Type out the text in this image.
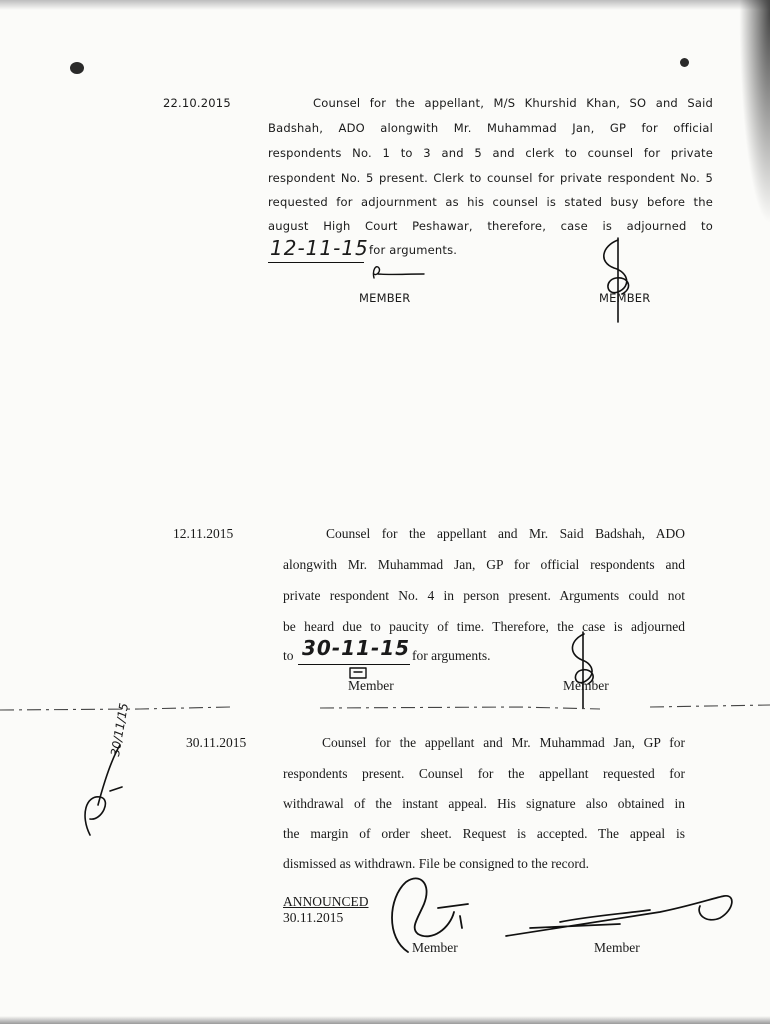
22.10.2015	Counsel for the appellant, M/S Khurshid Khan, SO and Said
Badshah, ADO alongwith Mr. Muhammad Jan, GP for official
respondents No. 1 to 3 and 5 and clerk to counsel for private
respondent No. 5 present. Clerk to counsel for private respondent No. 5
requested for adjournment as his counsel is stated busy before the
august High Court Peshawar, therefore, case is adjourned to
12-11-15 for arguments.
MEMBER	MEMBER
12.11.2015	Counsel for the appellant and Mr. Said Badshah, ADO
alongwith Mr. Muhammad Jan, GP for official respondents and
private respondent No. 4 in person present. Arguments could not
be heard due to paucity of time. Therefore, the case is adjourned
to 30-11-15 for arguments.
Member	Member
30.11.2015	Counsel for the appellant and Mr. Muhammad Jan, GP for
respondents present. Counsel for the appellant requested for
withdrawal of the instant appeal. His signature also obtained in
the margin of order sheet. Request is accepted. The appeal is
dismissed as withdrawn. File be consigned to the record.
30/11/15
ANNOUNCED
30.11.2015
Member	Member
